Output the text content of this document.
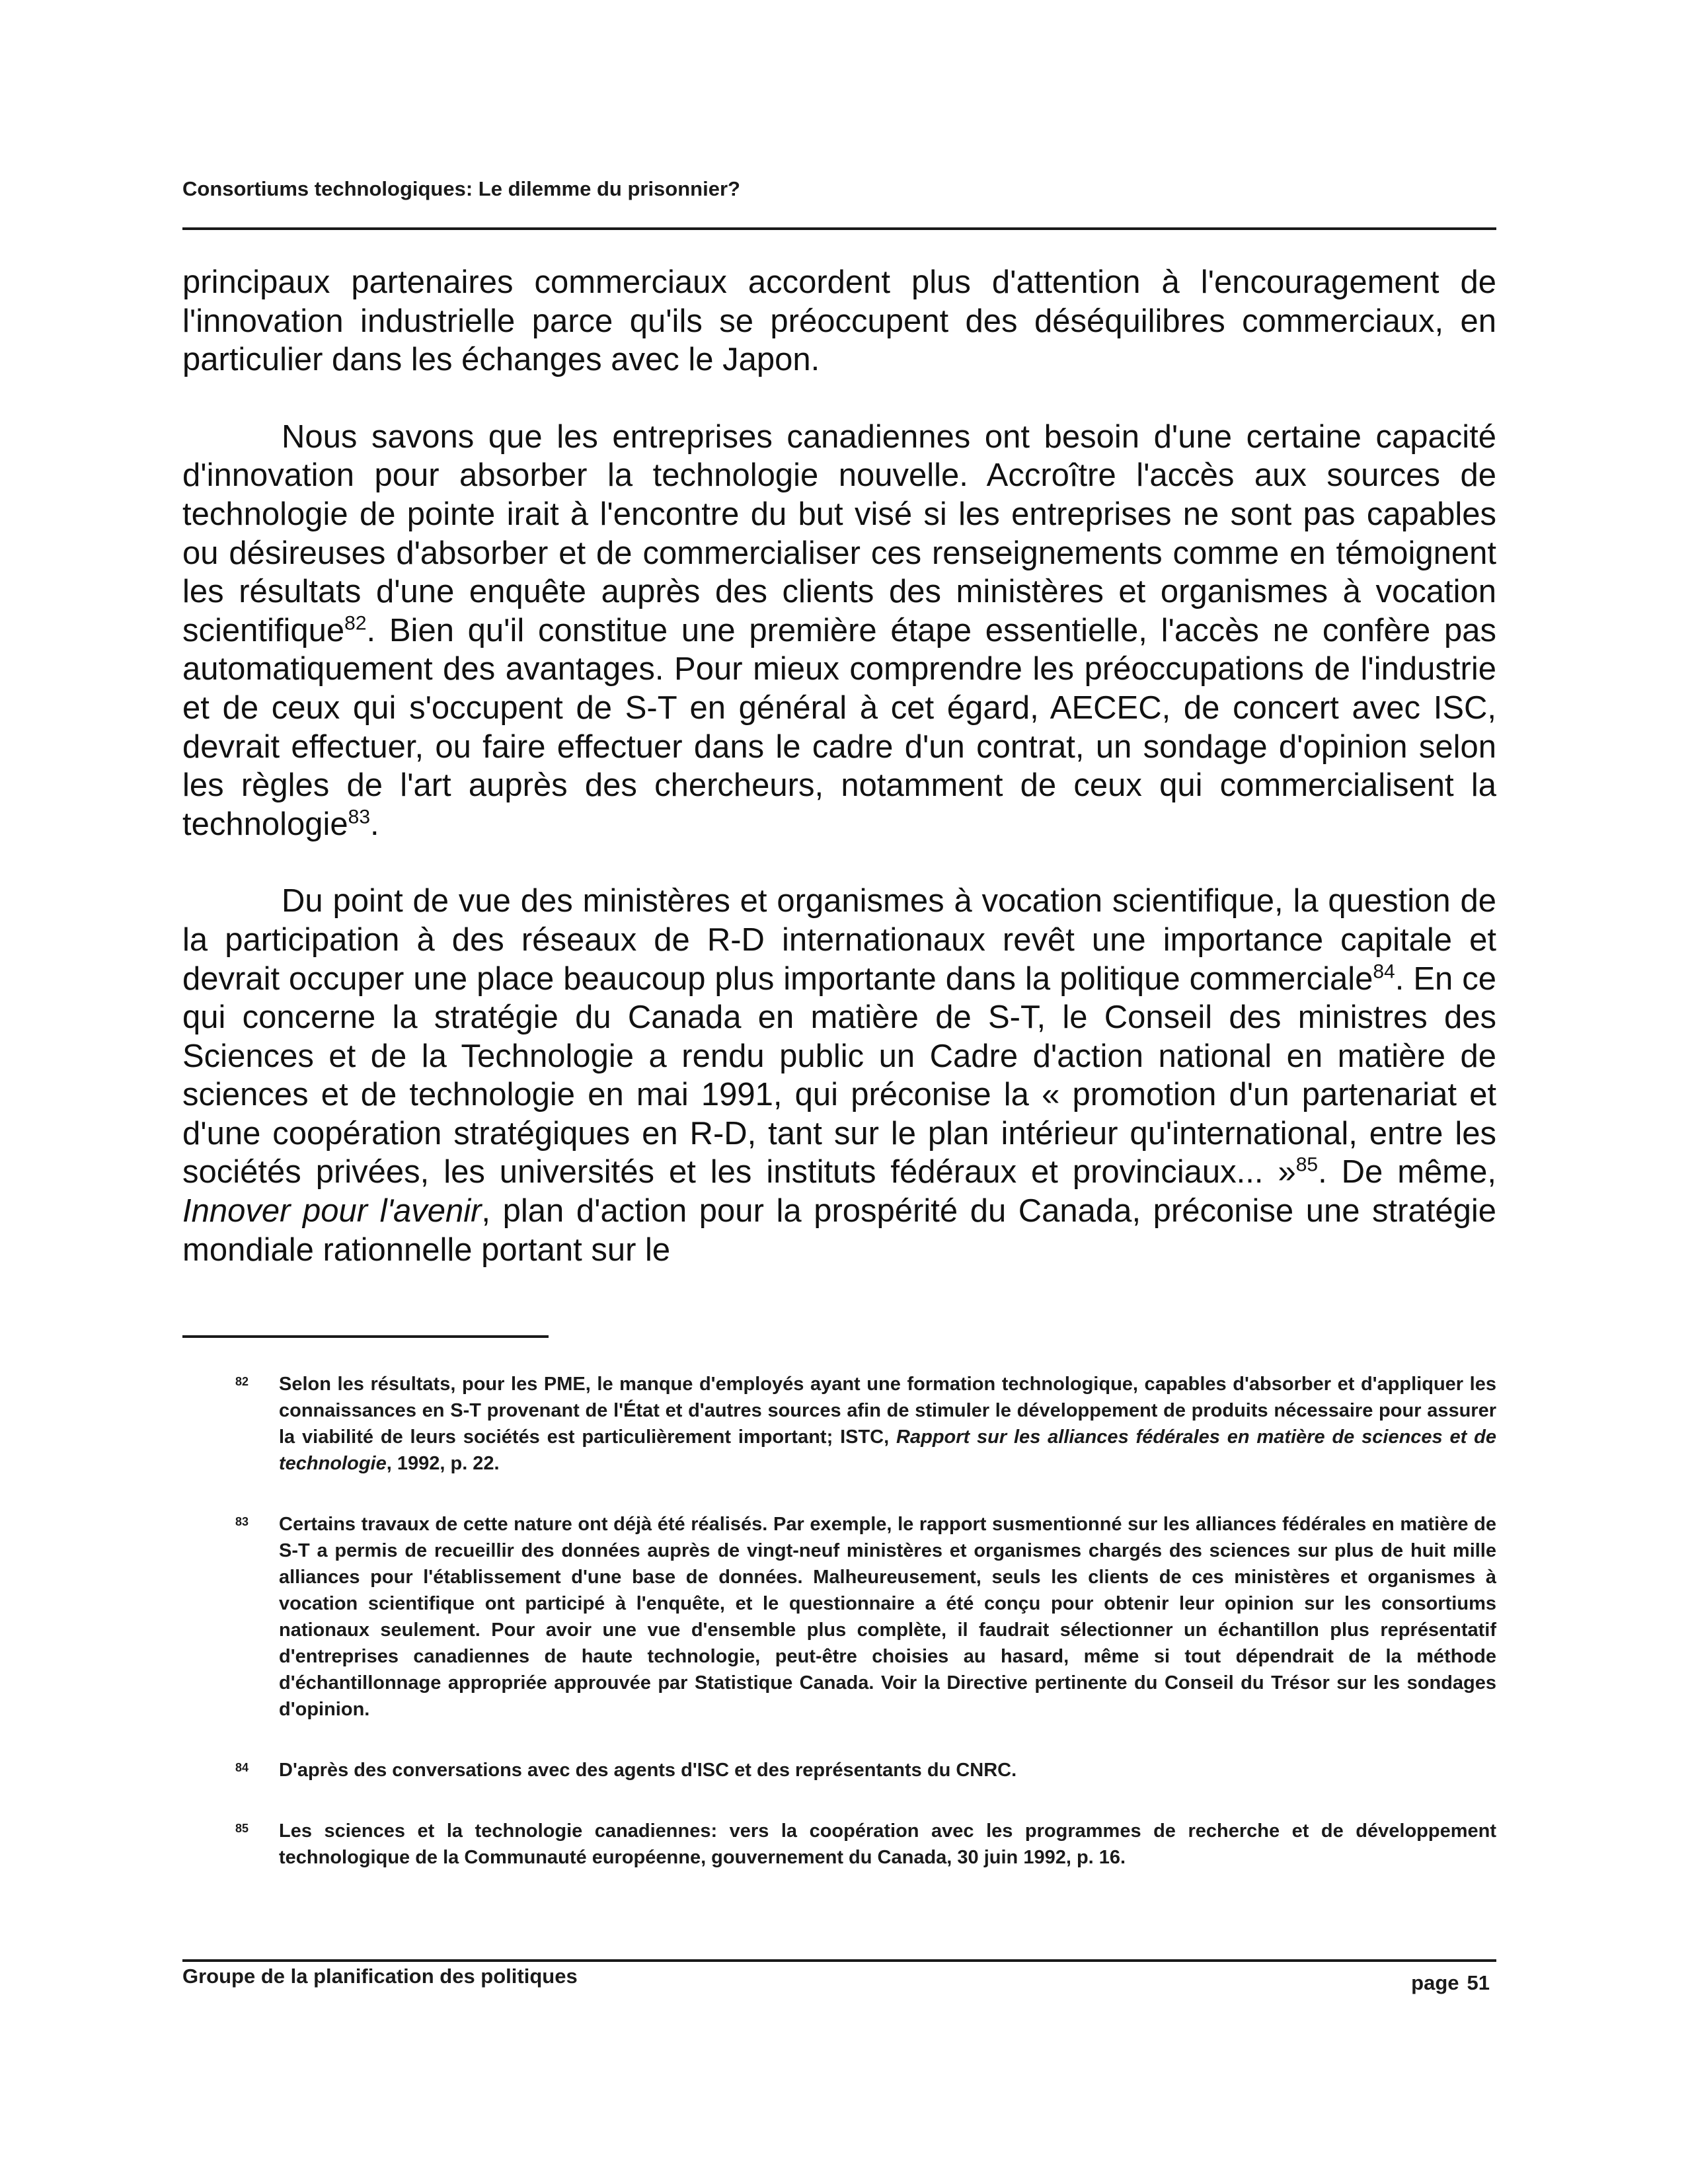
Consortiums technologiques: Le dilemme du prisonnier?

principaux partenaires commerciaux accordent plus d'attention à l'encouragement de l'innovation industrielle parce qu'ils se préoccupent des déséquilibres commerciaux, en particulier dans les échanges avec le Japon.

Nous savons que les entreprises canadiennes ont besoin d'une certaine capacité d'innovation pour absorber la technologie nouvelle. Accroître l'accès aux sources de technologie de pointe irait à l'encontre du but visé si les entreprises ne sont pas capables ou désireuses d'absorber et de commercialiser ces renseignements comme en témoignent les résultats d'une enquête auprès des clients des ministères et organismes à vocation scientifique$^{82}$. Bien qu'il constitue une première étape essentielle, l'accès ne confère pas automatiquement des avantages. Pour mieux comprendre les préoccupations de l'industrie et de ceux qui s'occupent de S-T en général à cet égard, AECEC, de concert avec ISC, devrait effectuer, ou faire effectuer dans le cadre d'un contrat, un sondage d'opinion selon les règles de l'art auprès des chercheurs, notamment de ceux qui commercialisent la technologie$^{83}$.

Du point de vue des ministères et organismes à vocation scientifique, la question de la participation à des réseaux de R-D internationaux revêt une importance capitale et devrait occuper une place beaucoup plus importante dans la politique commerciale$^{84}$. En ce qui concerne la stratégie du Canada en matière de S-T, le Conseil des ministres des Sciences et de la Technologie a rendu public un Cadre d'action national en matière de sciences et de technologie en mai 1991, qui préconise la « promotion d'un partenariat et d'une coopération stratégiques en R-D, tant sur le plan intérieur qu'international, entre les sociétés privées, les universités et les instituts fédéraux et provinciaux... »$^{85}$. De même, Innover pour l'avenir, plan d'action pour la prospérité du Canada, préconise une stratégie mondiale rationnelle portant sur le

82 Selon les résultats, pour les PME, le manque d'employés ayant une formation technologique, capables d'absorber et d'appliquer les connaissances en S-T provenant de l'État et d'autres sources afin de stimuler le développement de produits nécessaire pour assurer la viabilité de leurs sociétés est particulièrement important; ISTC, Rapport sur les alliances fédérales en matière de sciences et de technologie, 1992, p. 22.
83 Certains travaux de cette nature ont déjà été réalisés. Par exemple, le rapport susmentionné sur les alliances fédérales en matière de S-T a permis de recueillir des données auprès de vingt-neuf ministères et organismes chargés des sciences sur plus de huit mille alliances pour l'établissement d'une base de données. Malheureusement, seuls les clients de ces ministères et organismes à vocation scientifique ont participé à l'enquête, et le questionnaire a été conçu pour obtenir leur opinion sur les consortiums nationaux seulement. Pour avoir une vue d'ensemble plus complète, il faudrait sélectionner un échantillon plus représentatif d'entreprises canadiennes de haute technologie, peut-être choisies au hasard, même si tout dépendrait de la méthode d'échantillonnage appropriée approuvée par Statistique Canada. Voir la Directive pertinente du Conseil du Trésor sur les sondages d'opinion.
84 D'après des conversations avec des agents d'ISC et des représentants du CNRC.
85 Les sciences et la technologie canadiennes: vers la coopération avec les programmes de recherche et de développement technologique de la Communauté européenne, gouvernement du Canada, 30 juin 1992, p. 16.
Groupe de la planification des politiques	page 51
